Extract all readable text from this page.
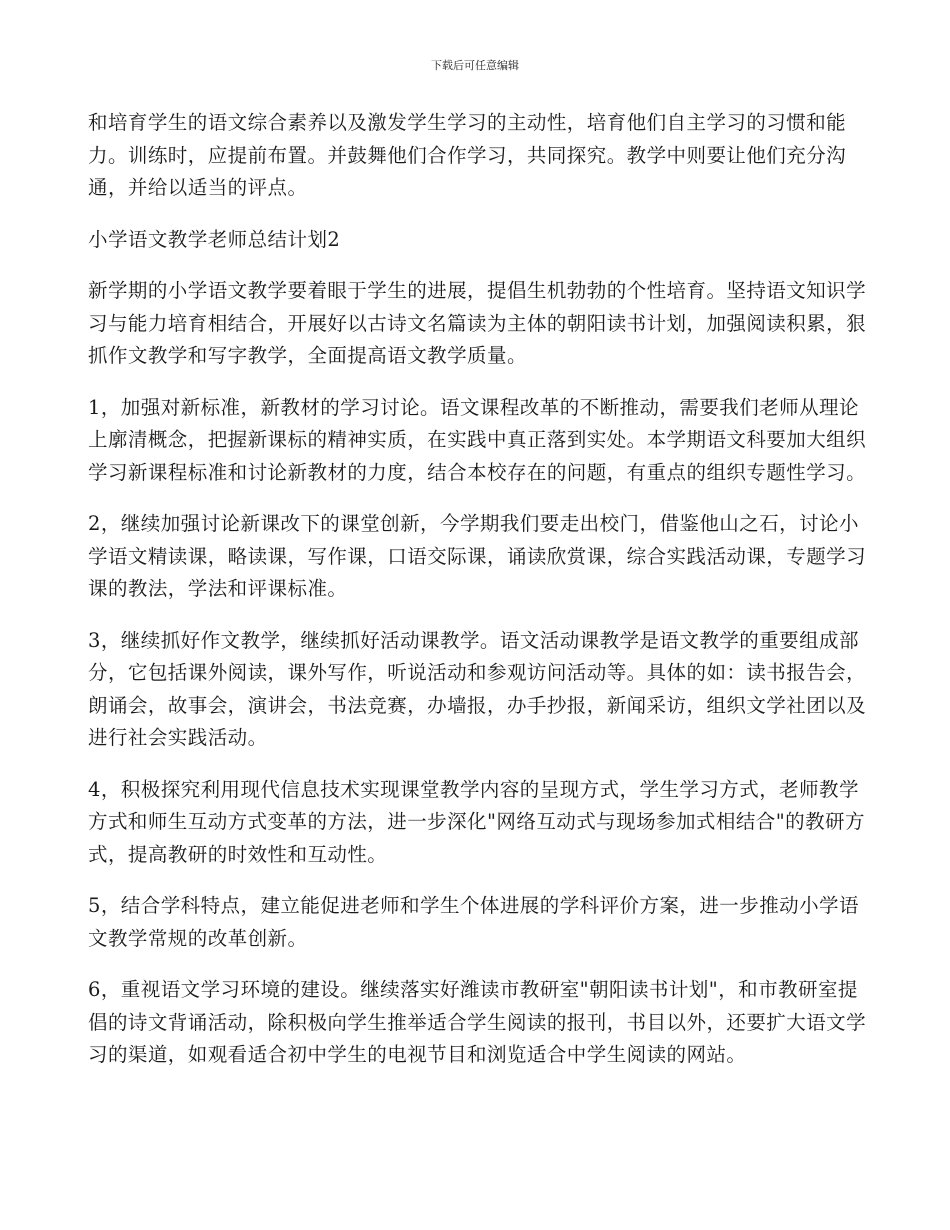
下载后可任意编辑

和培育学生的语文综合素养以及激发学生学习的主动性，培育他们自主学习的习惯和能力。训练时，应提前布置。并鼓舞他们合作学习，共同探究。教学中则要让他们充分沟通，并给以适当的评点。

小学语文教学老师总结计划2

新学期的小学语文教学要着眼于学生的进展，提倡生机勃勃的个性培育。坚持语文知识学习与能力培育相结合，开展好以古诗文名篇读为主体的朝阳读书计划，加强阅读积累，狠抓作文教学和写字教学，全面提高语文教学质量。

1，加强对新标准，新教材的学习讨论。语文课程改革的不断推动，需要我们老师从理论上廓清概念，把握新课标的精神实质，在实践中真正落到实处。本学期语文科要加大组织学习新课程标准和讨论新教材的力度，结合本校存在的问题，有重点的组织专题性学习。

2，继续加强讨论新课改下的课堂创新，今学期我们要走出校门，借鉴他山之石，讨论小学语文精读课，略读课，写作课，口语交际课，诵读欣赏课，综合实践活动课，专题学习课的教法，学法和评课标准。

3，继续抓好作文教学，继续抓好活动课教学。语文活动课教学是语文教学的重要组成部分，它包括课外阅读，课外写作，听说活动和参观访问活动等。具体的如：读书报告会，朗诵会，故事会，演讲会，书法竞赛，办墙报，办手抄报，新闻采访，组织文学社团以及进行社会实践活动。

4，积极探究利用现代信息技术实现课堂教学内容的呈现方式，学生学习方式，老师教学方式和师生互动方式变革的方法，进一步深化"网络互动式与现场参加式相结合"的教研方式，提高教研的时效性和互动性。

5，结合学科特点，建立能促进老师和学生个体进展的学科评价方案，进一步推动小学语文教学常规的改革创新。

6，重视语文学习环境的建设。继续落实好潍读市教研室"朝阳读书计划"，和市教研室提倡的诗文背诵活动，除积极向学生推举适合学生阅读的报刊，书目以外，还要扩大语文学习的渠道，如观看适合初中学生的电视节目和浏览适合中学生阅读的网站。
